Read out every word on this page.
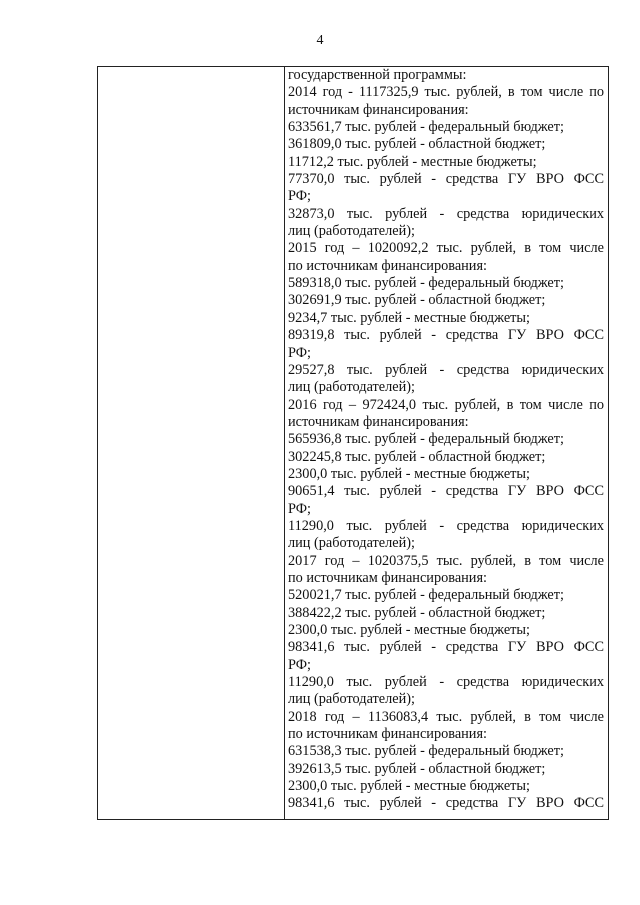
4
государственной программы:
2014 год - 1117325,9 тыс. рублей, в том числе по
источникам финансирования:
633561,7 тыс. рублей - федеральный бюджет;
361809,0 тыс. рублей - областной бюджет;
11712,2 тыс. рублей - местные бюджеты;
77370,0 тыс. рублей - средства ГУ ВРО ФСС
РФ;
32873,0 тыс. рублей - средства юридических
лиц (работодателей);
2015 год – 1020092,2 тыс. рублей, в том числе
по источникам финансирования:
589318,0 тыс. рублей - федеральный бюджет;
302691,9 тыс. рублей - областной бюджет;
9234,7 тыс. рублей - местные бюджеты;
89319,8 тыс. рублей - средства ГУ ВРО ФСС
РФ;
29527,8 тыс. рублей - средства юридических
лиц (работодателей);
2016 год – 972424,0 тыс. рублей, в том числе по
источникам финансирования:
565936,8 тыс. рублей - федеральный бюджет;
302245,8 тыс. рублей - областной бюджет;
2300,0 тыс. рублей - местные бюджеты;
90651,4 тыс. рублей - средства ГУ ВРО ФСС
РФ;
11290,0 тыс. рублей - средства юридических
лиц (работодателей);
2017 год – 1020375,5 тыс. рублей, в том числе
по источникам финансирования:
520021,7 тыс. рублей - федеральный бюджет;
388422,2 тыс. рублей - областной бюджет;
2300,0 тыс. рублей - местные бюджеты;
98341,6 тыс. рублей - средства ГУ ВРО ФСС
РФ;
11290,0 тыс. рублей - средства юридических
лиц (работодателей);
2018 год – 1136083,4 тыс. рублей, в том числе
по источникам финансирования:
631538,3 тыс. рублей - федеральный бюджет;
392613,5 тыс. рублей - областной бюджет;
2300,0 тыс. рублей - местные бюджеты;
98341,6 тыс. рублей - средства ГУ ВРО ФСС
